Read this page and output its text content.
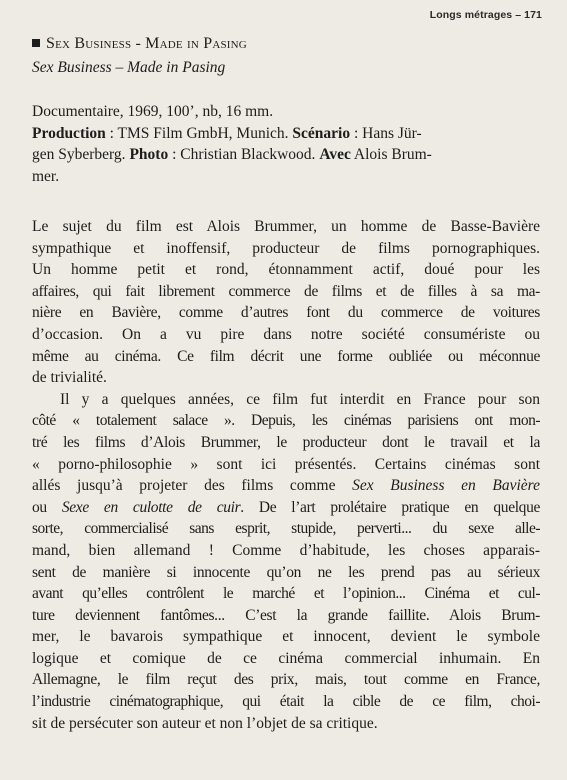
Longs métrages – 171
Sex Business - Made in Pasing
Sex Business – Made in Pasing
Documentaire, 1969, 100’, nb, 16 mm.
Production : TMS Film GmbH, Munich. Scénario : Hans Jür-
gen Syberberg. Photo : Christian Blackwood. Avec Alois Brum-
mer.
Le sujet du film est Alois Brummer, un homme de Basse-Bavière
sympathique et inoffensif, producteur de films pornographiques.
Un homme petit et rond, étonnamment actif, doué pour les
affaires, qui fait librement commerce de films et de filles à sa ma-
nière en Bavière, comme d’autres font du commerce de voitures
d’occasion. On a vu pire dans notre société consumériste ou
même au cinéma. Ce film décrit une forme oubliée ou méconnue
de trivialité.
Il y a quelques années, ce film fut interdit en France pour son
côté « totalement salace ». Depuis, les cinémas parisiens ont mon-
tré les films d’Alois Brummer, le producteur dont le travail et la
« porno-philosophie » sont ici présentés. Certains cinémas sont
allés jusqu’à projeter des films comme Sex Business en Bavière
ou Sexe en culotte de cuir. De l’art prolétaire pratique en quelque
sorte, commercialisé sans esprit, stupide, perverti... du sexe alle-
mand, bien allemand ! Comme d’habitude, les choses apparais-
sent de manière si innocente qu’on ne les prend pas au sérieux
avant qu’elles contrôlent le marché et l’opinion... Cinéma et cul-
ture deviennent fantômes... C’est la grande faillite. Alois Brum-
mer, le bavarois sympathique et innocent, devient le symbole
logique et comique de ce cinéma commercial inhumain. En
Allemagne, le film reçut des prix, mais, tout comme en France,
l’industrie cinématographique, qui était la cible de ce film, choi-
sit de persécuter son auteur et non l’objet de sa critique.
